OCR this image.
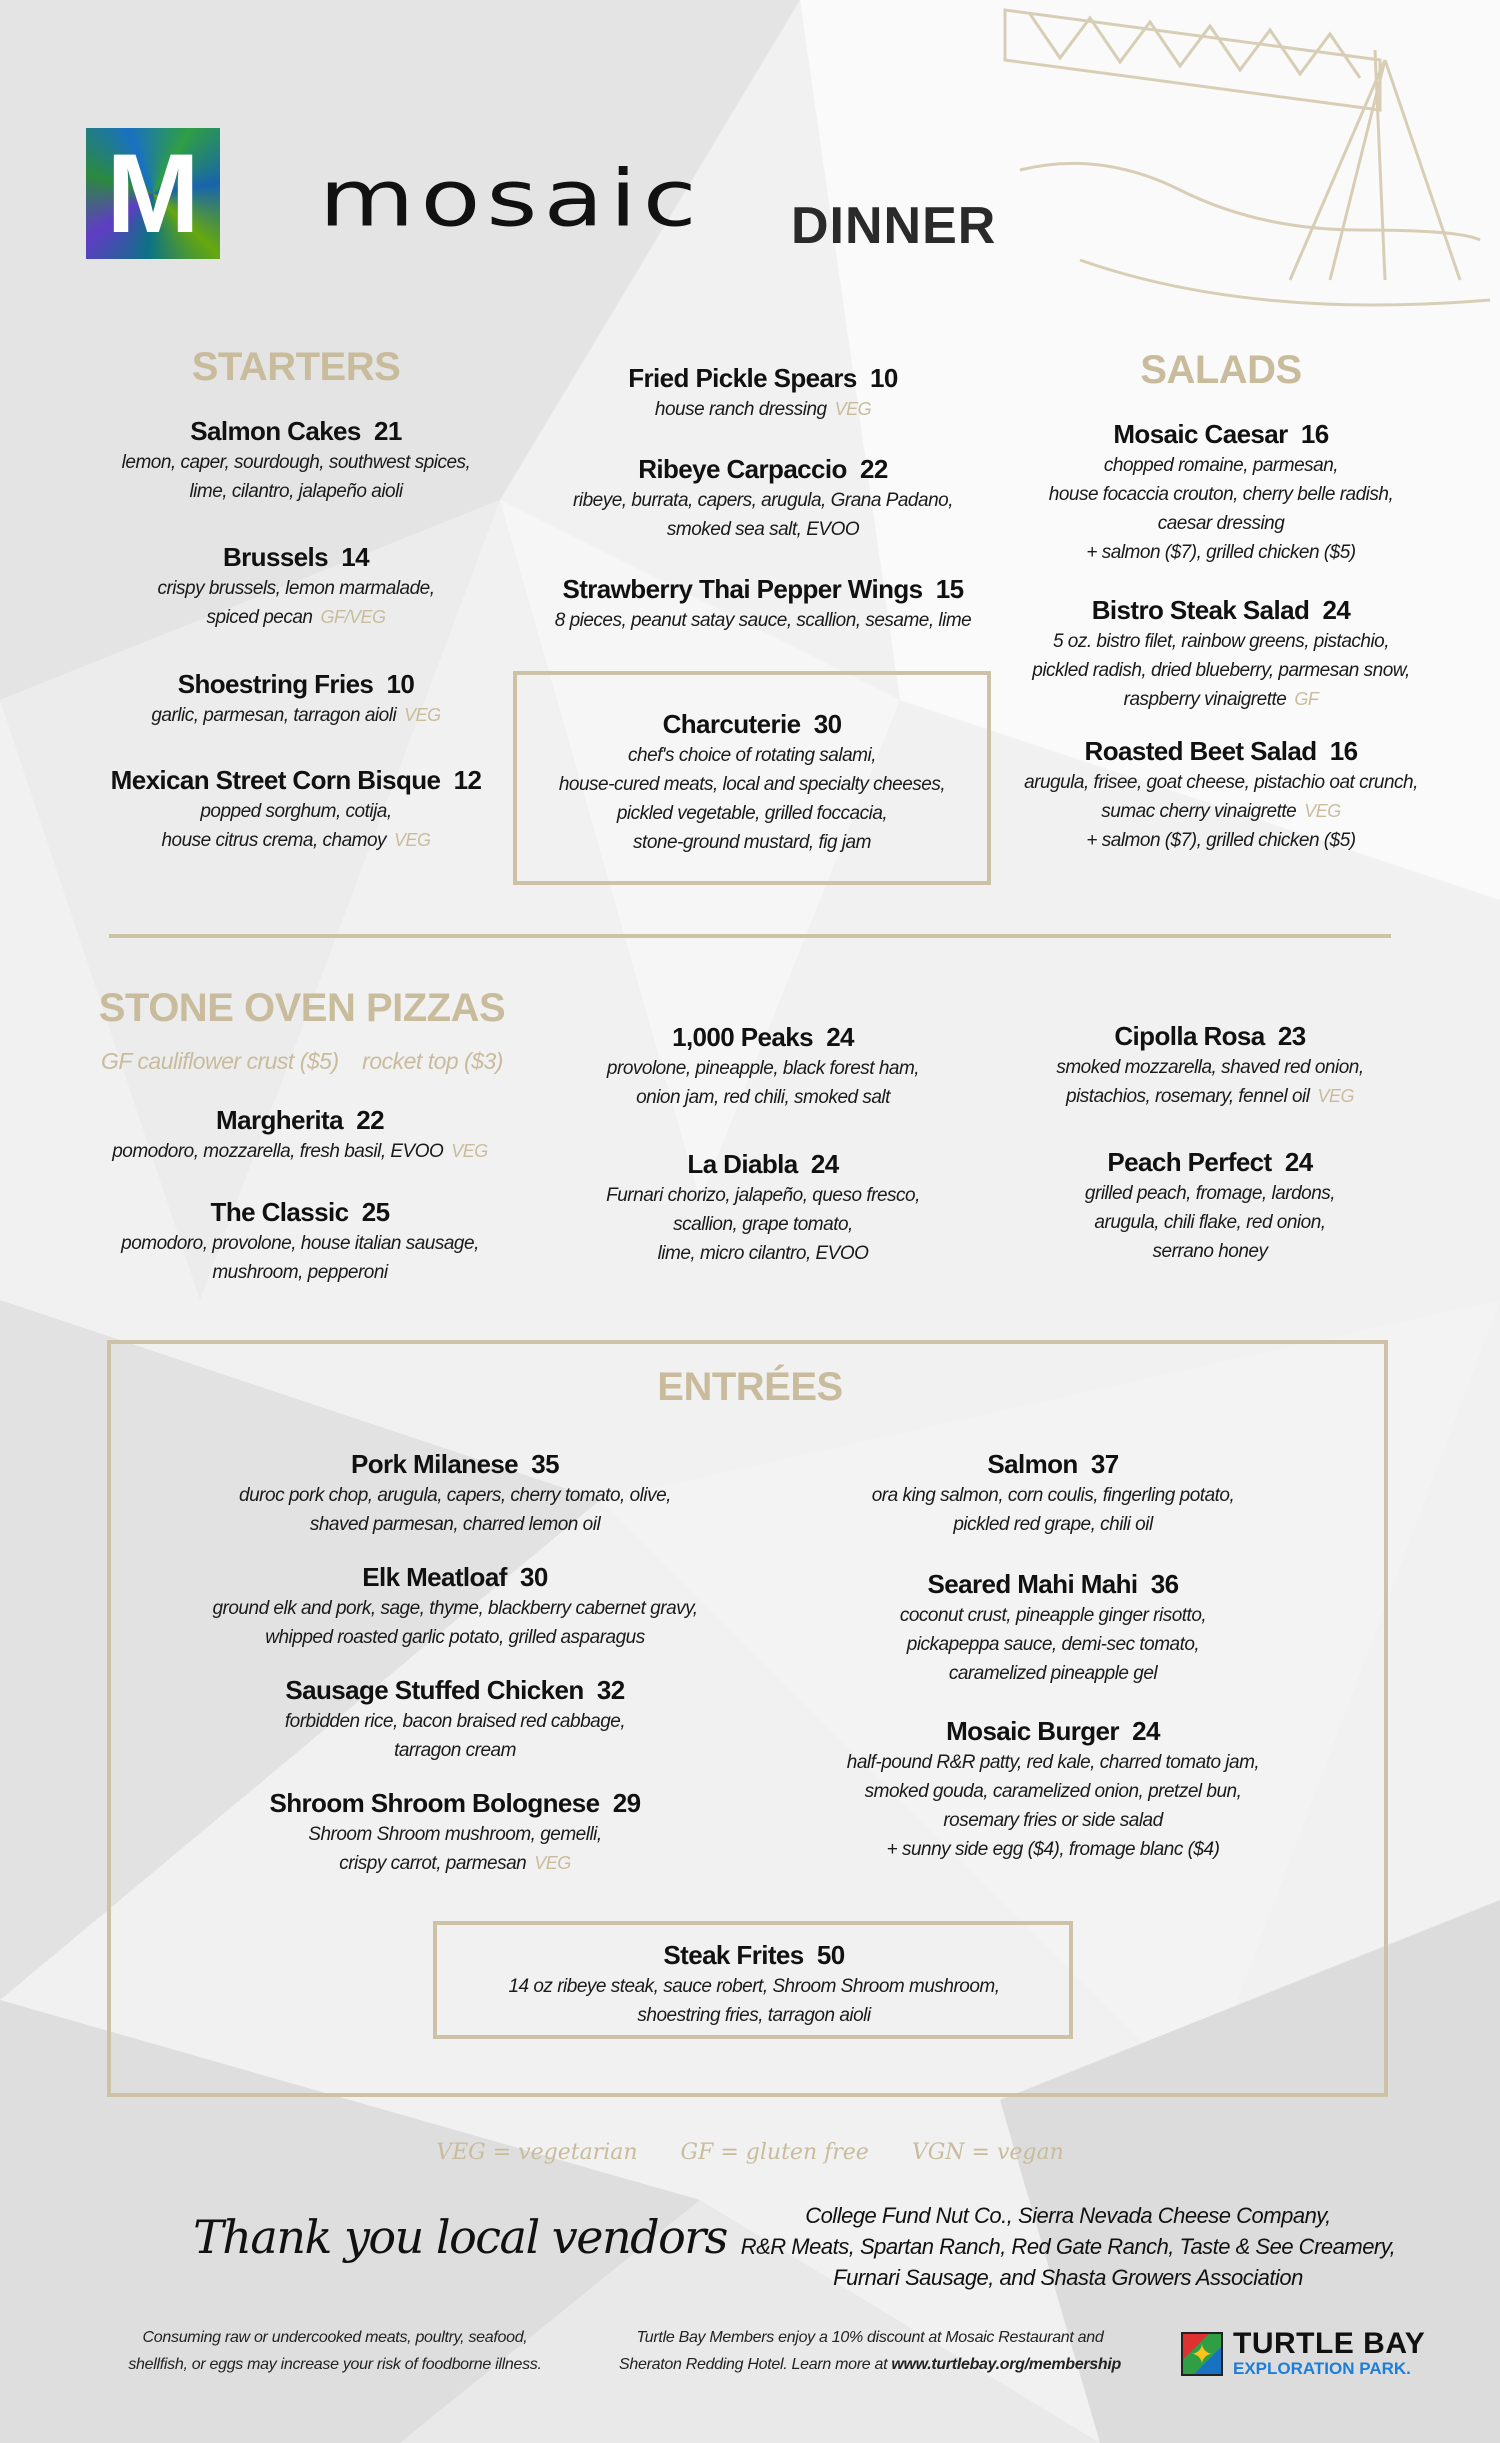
M mosaic DINNER
STARTERS	SALADS
STONE OVEN PIZZAS
GF cauliflower crust ($5)    rocket top ($3)
ENTRÉES
Salmon Cakes  21
lemon, caper, sourdough, southwest spices,
lime, cilantro, jalapeño aioli
Brussels  14
crispy brussels, lemon marmalade,
spiced pecan GF/VEG
Shoestring Fries  10
garlic, parmesan, tarragon aioli VEG
Mexican Street Corn Bisque  12
popped sorghum, cotija,
house citrus crema, chamoy VEG
Fried Pickle Spears  10
house ranch dressing VEG
Ribeye Carpaccio  22
ribeye, burrata, capers, arugula, Grana Padano,
smoked sea salt, EVOO
Strawberry Thai Pepper Wings  15
8 pieces, peanut satay sauce, scallion, sesame, lime
Charcuterie  30
chef's choice of rotating salami,
house-cured meats, local and specialty cheeses,
pickled vegetable, grilled foccacia,
stone-ground mustard, fig jam
Mosaic Caesar  16
chopped romaine, parmesan,
house focaccia crouton, cherry belle radish,
caesar dressing
+ salmon ($7), grilled chicken ($5)
Bistro Steak Salad  24
5 oz. bistro filet, rainbow greens, pistachio,
pickled radish, dried blueberry, parmesan snow,
raspberry vinaigrette GF
Roasted Beet Salad  16
arugula, frisee, goat cheese, pistachio oat crunch,
sumac cherry vinaigrette VEG
+ salmon ($7), grilled chicken ($5)
Margherita  22
pomodoro, mozzarella, fresh basil, EVOO VEG
The Classic  25
pomodoro, provolone, house italian sausage,
mushroom, pepperoni
1,000 Peaks  24
provolone, pineapple, black forest ham,
onion jam, red chili, smoked salt
La Diabla  24
Furnari chorizo, jalapeño, queso fresco,
scallion, grape tomato,
lime, micro cilantro, EVOO
Cipolla Rosa  23
smoked mozzarella, shaved red onion,
pistachios, rosemary, fennel oil VEG
Peach Perfect  24
grilled peach, fromage, lardons,
arugula, chili flake, red onion,
serrano honey
Pork Milanese  35
duroc pork chop, arugula, capers, cherry tomato, olive,
shaved parmesan, charred lemon oil
Elk Meatloaf  30
ground elk and pork, sage, thyme, blackberry cabernet gravy,
whipped roasted garlic potato, grilled asparagus
Sausage Stuffed Chicken  32
forbidden rice, bacon braised red cabbage,
tarragon cream
Shroom Shroom Bolognese  29
Shroom Shroom mushroom, gemelli,
crispy carrot, parmesan VEG
Salmon  37
ora king salmon, corn coulis, fingerling potato,
pickled red grape, chili oil
Seared Mahi Mahi  36
coconut crust, pineapple ginger risotto,
pickapeppa sauce, demi-sec tomato,
caramelized pineapple gel
Mosaic Burger  24
half-pound R&R patty, red kale, charred tomato jam,
smoked gouda, caramelized onion, pretzel bun,
rosemary fries or side salad
+ sunny side egg ($4), fromage blanc ($4)
Steak Frites  50
14 oz ribeye steak, sauce robert, Shroom Shroom mushroom,
shoestring fries, tarragon aioli
VEG = vegetarian GF = gluten free VGN = vegan
Thank you local vendors	College Fund Nut Co., Sierra Nevada Cheese Company,
R&R Meats, Spartan Ranch, Red Gate Ranch, Taste & See Creamery,
Furnari Sausage, and Shasta Growers Association
Consuming raw or undercooked meats, poultry, seafood,
shellfish, or eggs may increase your risk of foodborne illness.
Turtle Bay Members enjoy a 10% discount at Mosaic Restaurant and
Sheraton Redding Hotel. Learn more at www.turtlebay.org/membership	✦ TURTLE BAY
EXPLORATION PARK.
